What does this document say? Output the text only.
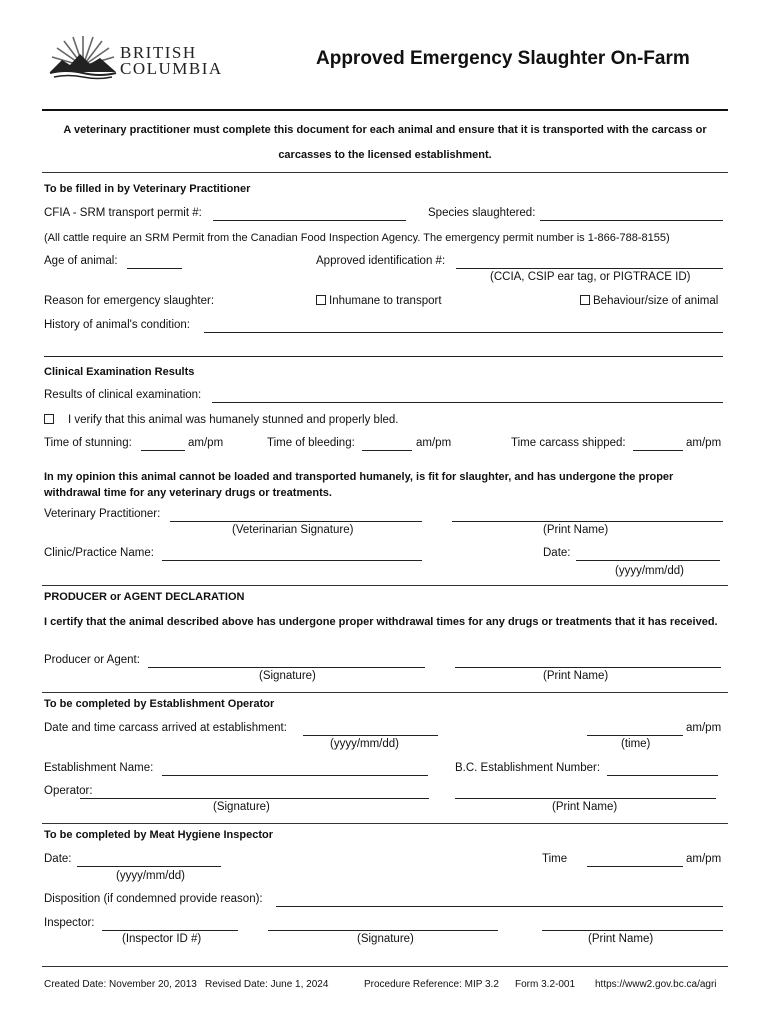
BRITISH
COLUMBIA	Approved Emergency Slaughter On-Farm
A veterinary practitioner must complete this document for each animal and ensure that it is transported with the carcass or carcasses to the licensed establishment.
To be filled in by Veterinary Practitioner
CFIA - SRM transport permit #:	Species slaughtered:
(All cattle require an SRM Permit from the Canadian Food Inspection Agency. The emergency permit number is 1-866-788-8155)
Age of animal:	Approved identification #:
(CCIA, CSIP ear tag, or PIGTRACE ID)
Reason for emergency slaughter:	Inhumane to transport	Behaviour/size of animal
History of animal's condition:
Clinical Examination Results
Results of clinical examination:
I verify that this animal was humanely stunned and properly bled.
Time of stunning:	am/pm	Time of bleeding:	am/pm	Time carcass shipped:	am/pm
In my opinion this animal cannot be loaded and transported humanely, is fit for slaughter, and has undergone the proper withdrawal time for any veterinary drugs or treatments.
Veterinary Practitioner:
(Veterinarian Signature)	(Print Name)
Clinic/Practice Name:	Date:
(yyyy/mm/dd)
PRODUCER or AGENT DECLARATION
I certify that the animal described above has undergone proper withdrawal times for any drugs or treatments that it has received.
Producer or Agent:
(Signature)	(Print Name)
To be completed by Establishment Operator
Date and time carcass arrived at establishment:	am/pm
(yyyy/mm/dd)	(time)
Establishment Name:	B.C. Establishment Number:
Operator:
(Signature)	(Print Name)
To be completed by Meat Hygiene Inspector
Date:	Time	am/pm
(yyyy/mm/dd)
Disposition (if condemned provide reason):
Inspector:
(Inspector ID #)	(Signature)	(Print Name)
Created Date: November 20, 2013 Revised Date: June 1, 2024	Procedure Reference: MIP 3.2 Form 3.2-001 https://www2.gov.bc.ca/agri
